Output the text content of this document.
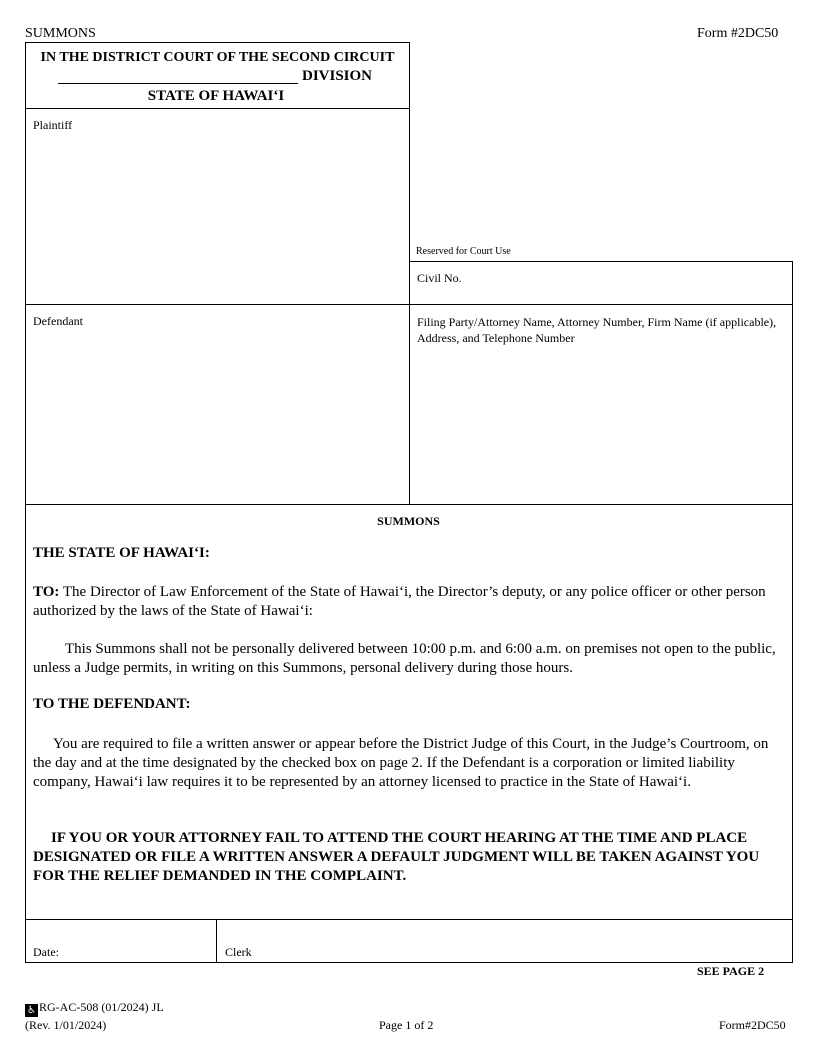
SUMMONS	Form #2DC50
IN THE DISTRICT COURT OF THE SECOND CIRCUIT
DIVISION
STATE OF HAWAI‘I
Plaintiff
Reserved for Court Use
Civil No.
Defendant	Filing Party/Attorney Name, Attorney Number, Firm Name (if applicable), Address, and Telephone Number
SUMMONS
THE STATE OF HAWAI‘I:
TO: The Director of Law Enforcement of the State of Hawai‘i, the Director’s deputy, or any police officer or other person authorized by the laws of the State of Hawai‘i:
This Summons shall not be personally delivered between 10:00 p.m. and 6:00 a.m. on premises not open to the public, unless a Judge permits, in writing on this Summons, personal delivery during those hours.
TO THE DEFENDANT:
You are required to file a written answer or appear before the District Judge of this Court, in the Judge’s Courtroom, on the day and at the time designated by the checked box on page 2. If the Defendant is a corporation or limited liability company, Hawai‘i law requires it to be represented by an attorney licensed to practice in the State of Hawai‘i.
IF YOU OR YOUR ATTORNEY FAIL TO ATTEND THE COURT HEARING AT THE TIME AND PLACE DESIGNATED OR FILE A WRITTEN ANSWER A DEFAULT JUDGMENT WILL BE TAKEN AGAINST YOU FOR THE RELIEF DEMANDED IN THE COMPLAINT.
Date:	Clerk
SEE PAGE 2
♿ RG-AC-508 (01/2024) JL
(Rev. 1/01/2024)	Page 1 of 2	Form#2DC50
